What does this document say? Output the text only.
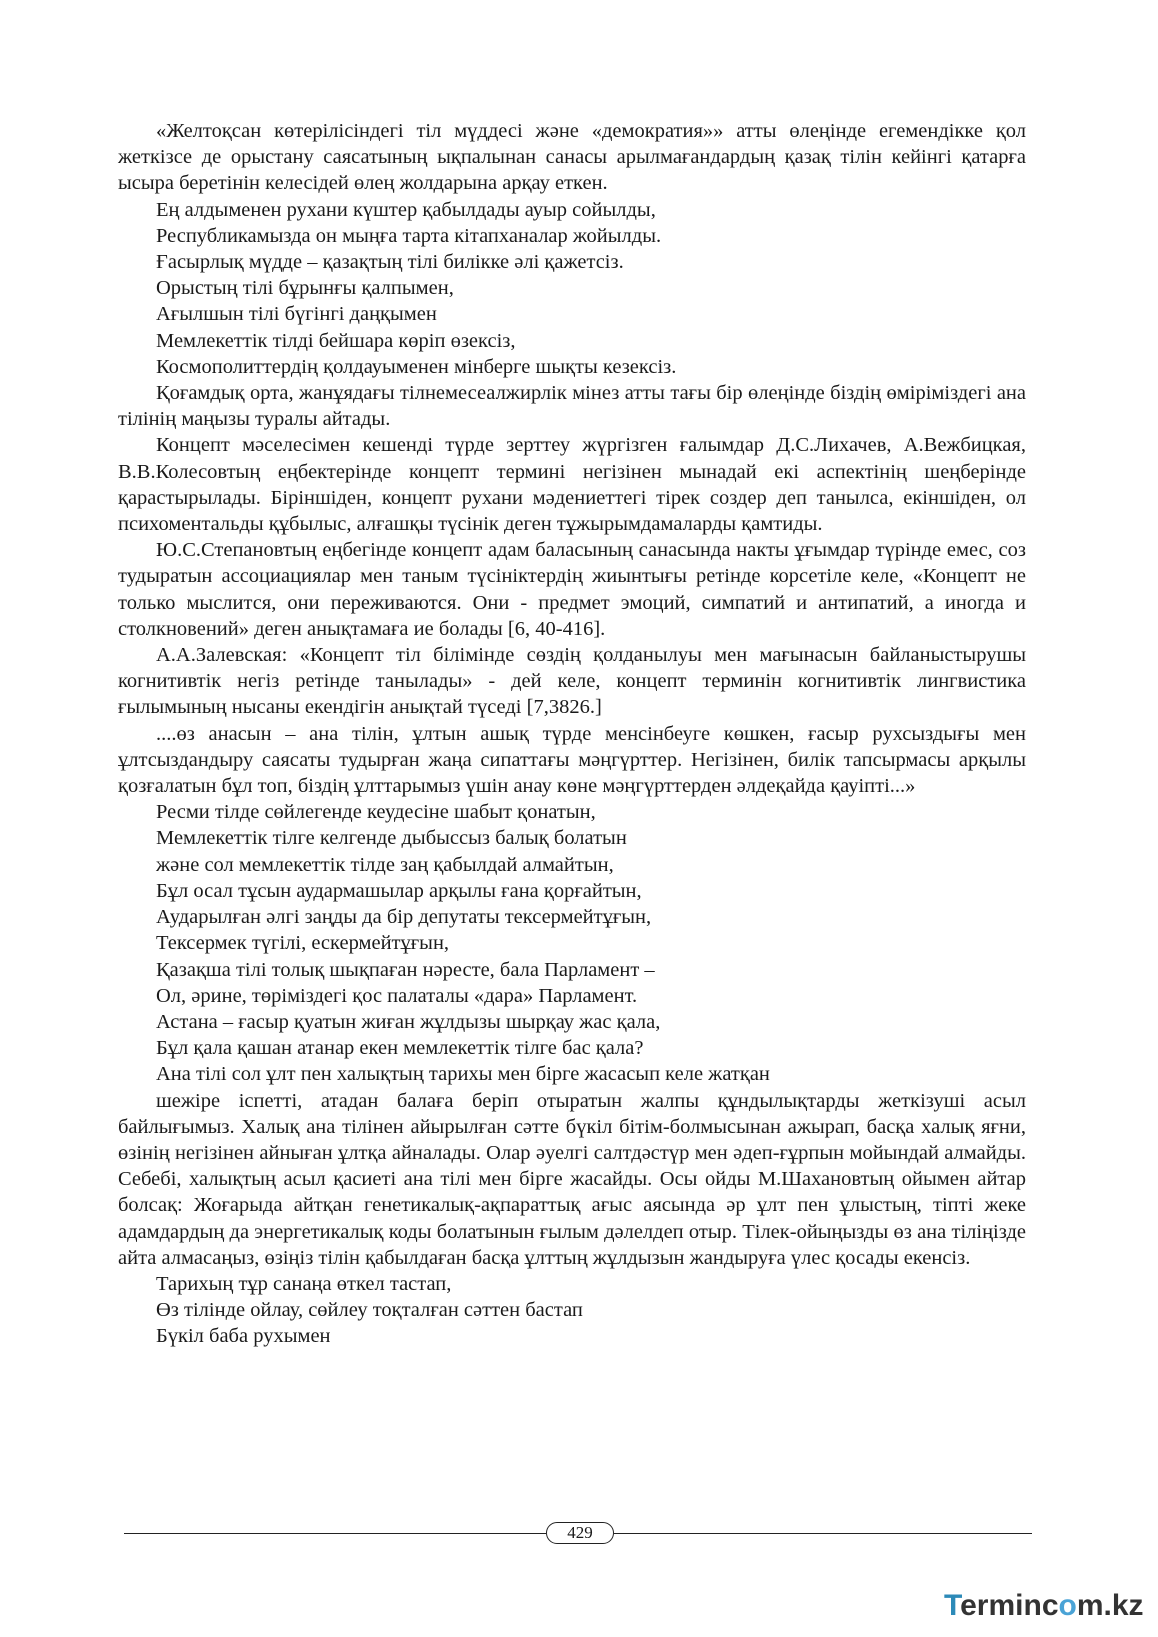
«Желтоқсан көтерілісіндегі тіл мүддесі және «демократия»» атты өлеңінде егемендікке қол жеткізсе де орыстану саясатының ықпалынан санасы арылмағандардың қазақ тілін кейінгі қатарға ысыра беретінін келесідей өлең жолдарына арқау еткен.

Ең алдыменен рухани күштер қабылдады ауыр сойылды,

Республикамызда он мыңға тарта кітапханалар жойылды.

Ғасырлық мүдде – қазақтың тілі билікке әлі қажетсіз.

Орыстың тілі бұрынғы қалпымен,

Ағылшын тілі бүгінгі даңқымен

Мемлекеттік тілді бейшара көріп өзексіз,

Космополиттердің қолдауыменен мінберге шықты кезексіз.

Қоғамдық орта, жанұядағы тілнемесеалжирлік мінез атты тағы бір өлеңінде біздің өміріміздегі ана тілінің маңызы туралы айтады.

Концепт мәселесімен кешенді түрде зерттеу жүргізген ғалымдар Д.С.Лихачев, А.Вежбицкая, В.В.Колесовтың еңбектерінде концепт термині негізінен мынадай екі аспектінің шеңберінде қарастырылады. Біріншіден, концепт рухани мәдениеттегі тірек создер деп танылса, екіншіден, ол психоментальды құбылыс, алғашқы түсінік деген тұжырымдамаларды қамтиды.

Ю.С.Степановтың еңбегінде концепт адам баласының санасында накты ұғымдар түрінде емес, соз тудыратын ассоциациялар мен таным түсініктердің жиынтығы ретінде корсетіле келе, «Концепт не только мыслится, они переживаются. Они - предмет эмоций, симпатий и антипатий, а иногда и столкновений» деген анықтамаға ие болады [6, 40-416].

А.А.Залевская: «Концепт тіл білімінде сөздің қолданылуы мен мағынасын байланыстырушы когнитивтік негіз ретінде танылады» - дей келе, концепт терминін когнитивтік лингвистика ғылымының нысаны екендігін анықтай түседі [7,3826.]

....өз анасын – ана тілін, ұлтын ашық түрде менсінбеуге көшкен, ғасыр рухсыздығы мен ұлтсыздандыру саясаты тудырған жаңа сипаттағы мәңгүрттер. Негізінен, билік тапсырмасы арқылы қозғалатын бұл топ, біздің ұлттарымыз үшін анау көне мәңгүрттерден әлдеқайда қауіпті...»

Ресми тілде сөйлегенде кеудесіне шабыт қонатын,

Мемлекеттік тілге келгенде дыбыссыз балық болатын

және сол мемлекеттік тілде заң қабылдай алмайтын,

Бұл осал тұсын аудармашылар арқылы ғана қорғайтын,

Аударылған әлгі заңды да бір депутаты тексермейтұғын,

Тексермек түгілі, ескермейтұғын,

Қазақша тілі толық шықпаған нәресте, бала Парламент –

Ол, әрине, төріміздегі қос палаталы «дара» Парламент.

Астана – ғасыр қуатын жиған жұлдызы шырқау жас қала,

Бұл қала қашан атанар екен мемлекеттік тілге бас қала?

Ана тілі сол ұлт пен халықтың тарихы мен бірге жасасып келе жатқан

шежіре іспетті, атадан балаға беріп отыратын жалпы құндылықтарды жеткізуші асыл байлығымыз. Халық ана тілінен айырылған сәтте бүкіл бітім-болмысынан ажырап, басқа халық яғни, өзінің негізінен айныған ұлтқа айналады. Олар әуелгі салтдәстүр мен әдеп-ғұрпын мойындай алмайды. Себебі, халықтың асыл қасиеті ана тілі мен бірге жасайды. Осы ойды М.Шахановтың ойымен айтар болсақ: Жоғарыда айтқан генетикалық-ақпараттық ағыс аясында әр ұлт пен ұлыстың, тіпті жеке адамдардың да энергетикалық коды болатынын ғылым дәлелдеп отыр. Тілек-ойыңызды өз ана тіліңізде айта алмасаңыз, өзіңіз тілін қабылдаған басқа ұлттың жұлдызын жандыруға үлес қосады екенсіз.

Тарихың тұр санаңа өткел тастап,

Өз тілінде ойлау, сөйлеу тоқталған сәттен бастап

Бүкіл баба рухымен

429
Termincom.kz
